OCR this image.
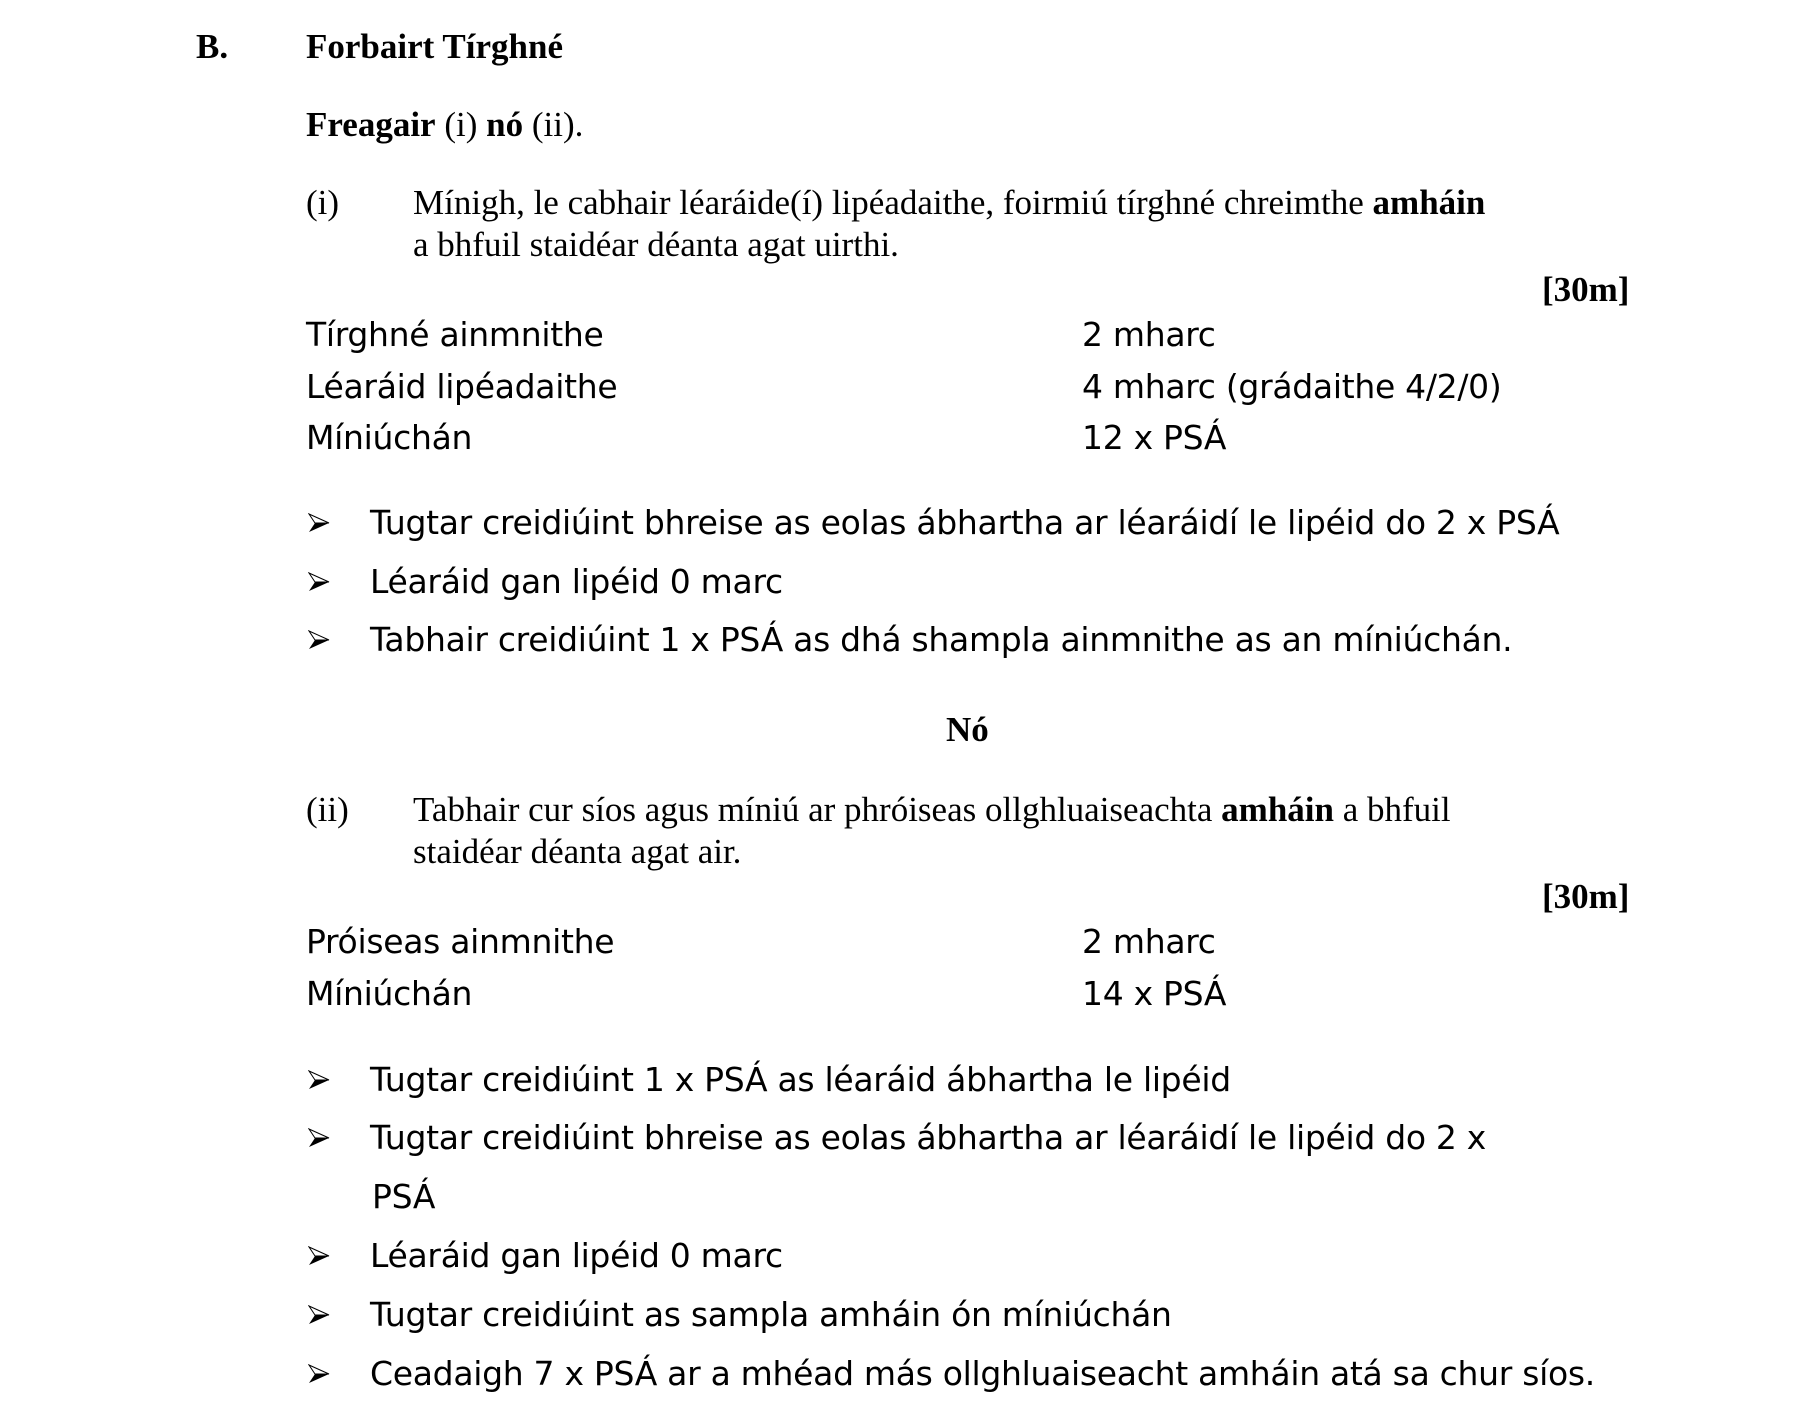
B. Forbairt Tírghné
Freagair (i) nó (ii).
(i) Mínigh, le cabhair léaráide(í) lipéadaithe, foirmiú tírghné chreimthe amháin
a bhfuil staidéar déanta agat uirthi.
[30m]
Tírghné ainmnithe	2 mharc
Léaráid lipéadaithe	4 mharc (grádaithe 4/2/0)
Míniúchán	12 x PSÁ
Tugtar creidiúint bhreise as eolas ábhartha ar léaráidí le lipéid do 2 x PSÁ
Léaráid gan lipéid 0 marc
Tabhair creidiúint 1 x PSÁ as dhá shampla ainmnithe as an míniúchán.
Nó
(ii) Tabhair cur síos agus míniú ar phróiseas ollghluaiseachta amháin a bhfuil
staidéar déanta agat air.
[30m]
Próiseas ainmnithe	2 mharc
Míniúchán	14 x PSÁ
Tugtar creidiúint 1 x PSÁ as léaráid ábhartha le lipéid
Tugtar creidiúint bhreise as eolas ábhartha ar léaráidí le lipéid do 2 x
PSÁ
Léaráid gan lipéid 0 marc
Tugtar creidiúint as sampla amháin ón míniúchán
Ceadaigh 7 x PSÁ ar a mhéad más ollghluaiseacht amháin atá sa chur síos.
